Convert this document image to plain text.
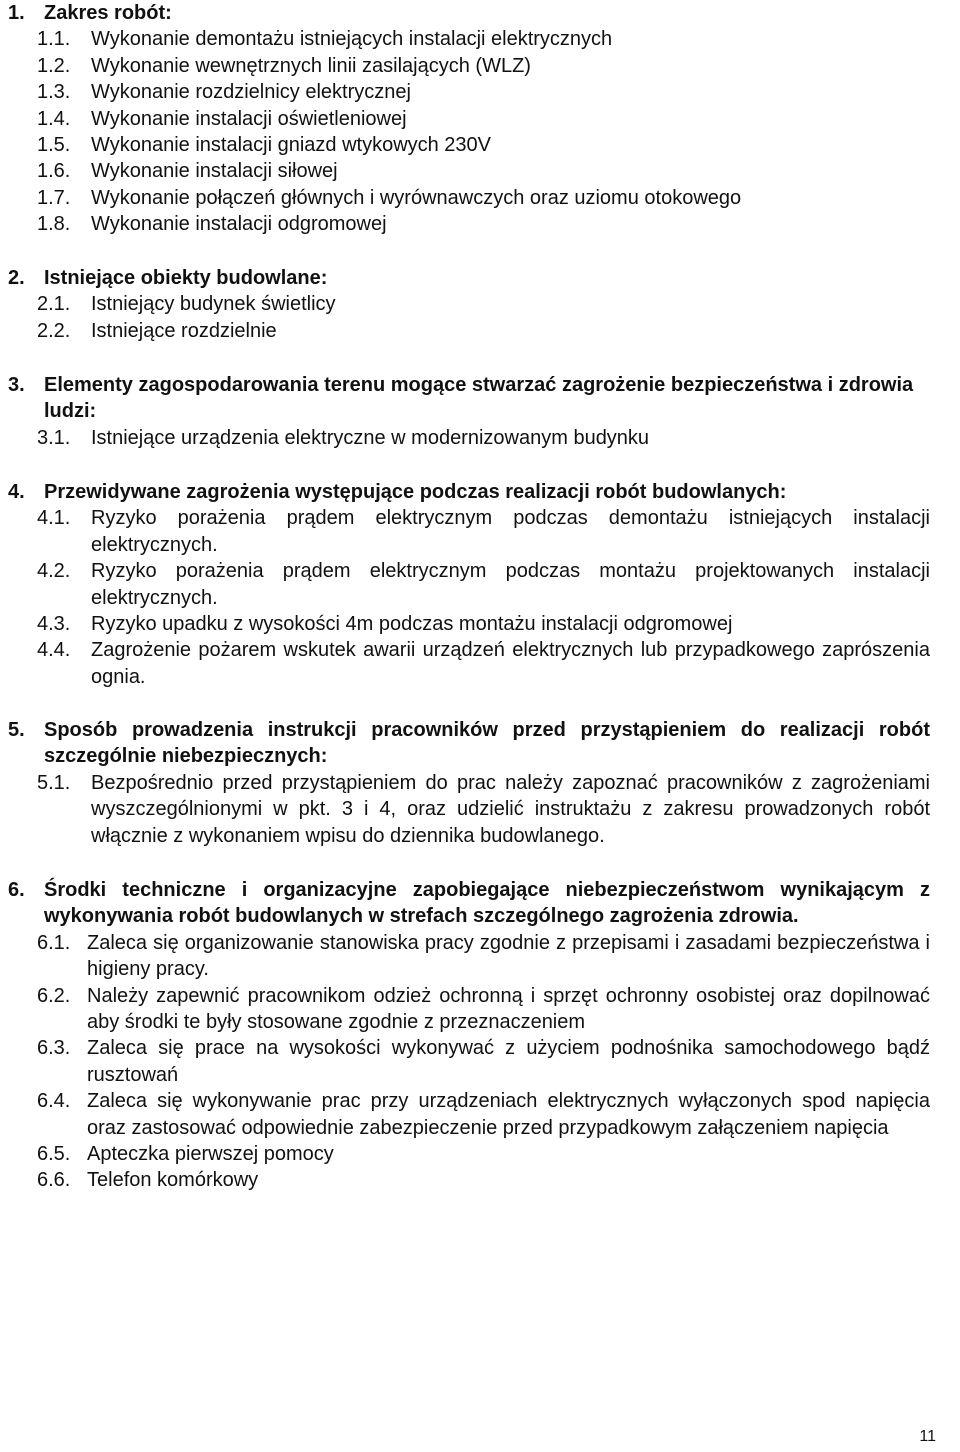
1. Zakres robót:
1.1.	Wykonanie demontażu istniejących instalacji elektrycznych
1.2.	Wykonanie wewnętrznych linii zasilających (WLZ)
1.3.	Wykonanie rozdzielnicy elektrycznej
1.4.	Wykonanie instalacji oświetleniowej
1.5.	Wykonanie instalacji gniazd wtykowych 230V
1.6.	Wykonanie instalacji siłowej
1.7.	Wykonanie połączeń głównych i wyrównawczych oraz uziomu otokowego
1.8.	Wykonanie instalacji odgromowej
2. Istniejące obiekty budowlane:
2.1.	Istniejący budynek świetlicy
2.2.	Istniejące rozdzielnie
3. Elementy zagospodarowania terenu mogące stwarzać zagrożenie bezpieczeństwa i zdrowia ludzi:
3.1.	Istniejące urządzenia elektryczne w modernizowanym budynku
4. Przewidywane zagrożenia występujące podczas realizacji robót budowlanych:
4.1.	Ryzyko porażenia prądem elektrycznym podczas demontażu istniejących instalacji elektrycznych.
4.2.	Ryzyko porażenia prądem elektrycznym podczas montażu projektowanych instalacji elektrycznych.
4.3.	Ryzyko upadku z wysokości 4m podczas montażu instalacji odgromowej
4.4.	Zagrożenie pożarem wskutek awarii urządzeń elektrycznych lub przypadkowego zaprószenia ognia.
5. Sposób prowadzenia instrukcji pracowników przed przystąpieniem do realizacji robót szczególnie niebezpiecznych:
5.1.	Bezpośrednio przed przystąpieniem do prac należy zapoznać pracowników z zagrożeniami wyszczególnionymi w pkt. 3 i 4, oraz udzielić instruktażu z zakresu prowadzonych robót włącznie z wykonaniem wpisu do dziennika budowlanego.
6. Środki techniczne i organizacyjne zapobiegające niebezpieczeństwom wynikającym z wykonywania robót budowlanych w strefach szczególnego zagrożenia zdrowia.
6.1. Zaleca się organizowanie stanowiska pracy zgodnie z przepisami i zasadami bezpieczeństwa i higieny pracy.
6.2. Należy zapewnić pracownikom odzież ochronną i sprzęt ochronny osobistej oraz dopilnować aby środki te były stosowane zgodnie z przeznaczeniem
6.3. Zaleca się prace na wysokości wykonywać z użyciem podnośnika samochodowego bądź rusztowań
6.4. Zaleca się wykonywanie prac przy urządzeniach elektrycznych wyłączonych spod napięcia oraz zastosować odpowiednie zabezpieczenie przed przypadkowym załączeniem napięcia
6.5. Apteczka pierwszej pomocy
6.6. Telefon komórkowy
11
